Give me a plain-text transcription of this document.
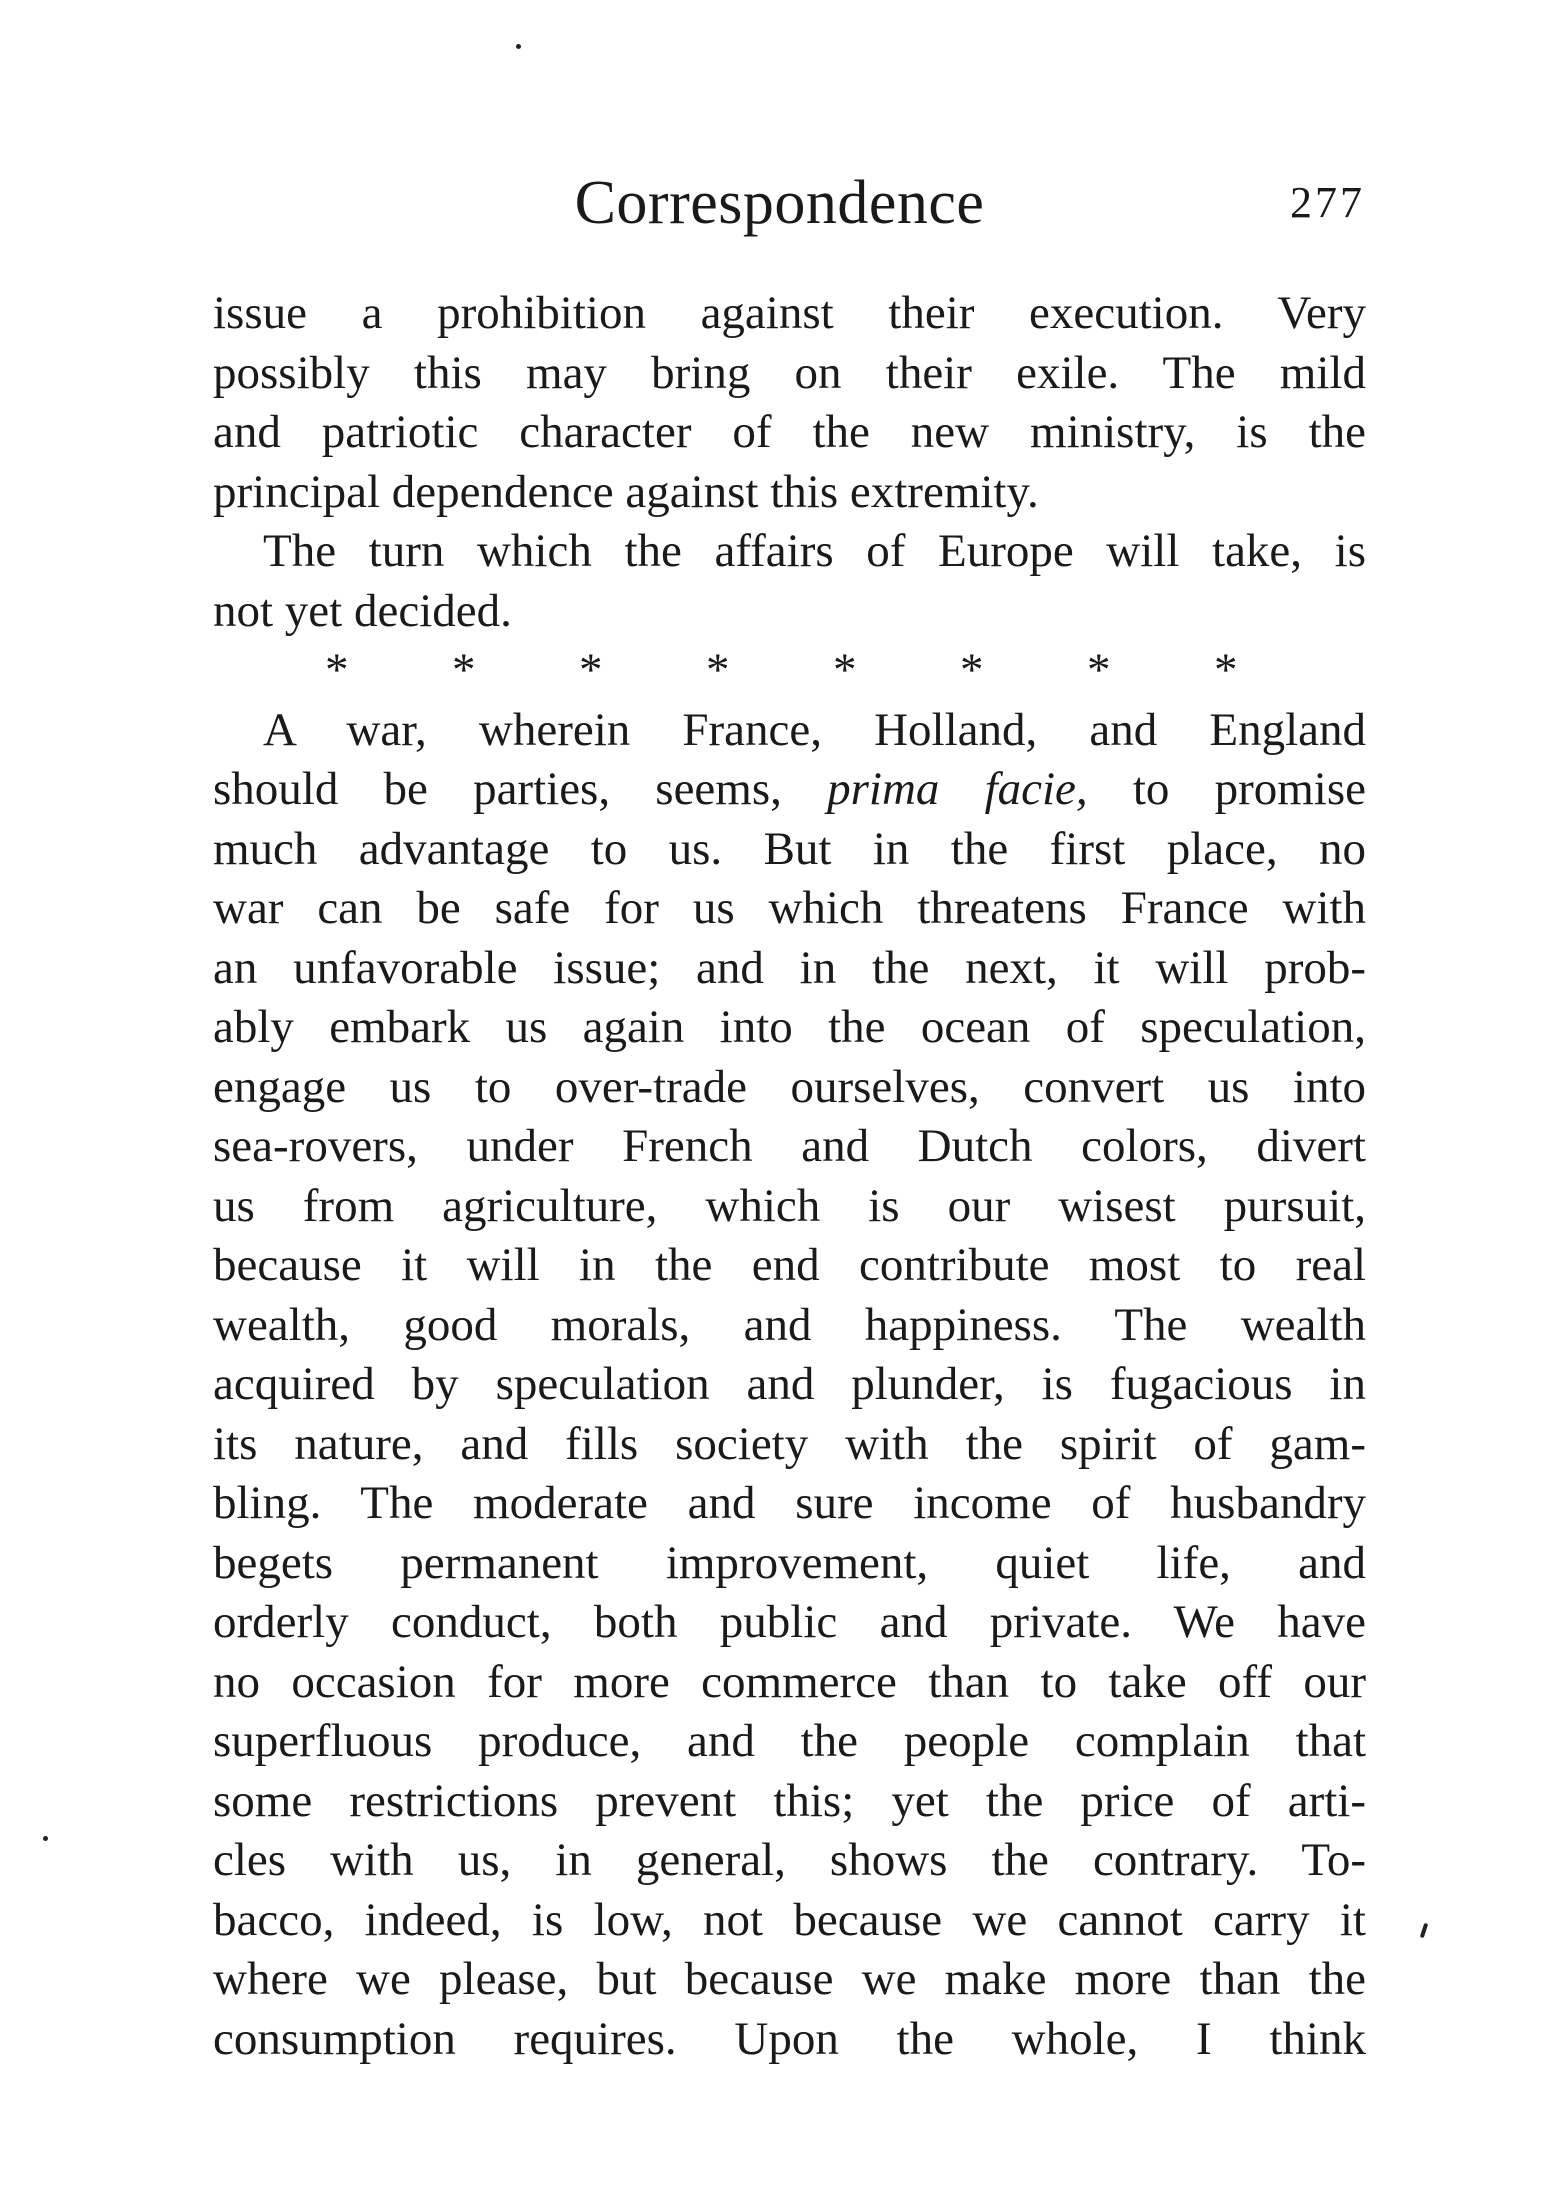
Correspondence	277
issue a prohibition against their execution. Very
possibly this may bring on their exile. The mild
and patriotic character of the new ministry, is the
principal dependence against this extremity.
The turn which the affairs of Europe will take, is
not yet decided.
* * * * * * * *
A war, wherein France, Holland, and England
should be parties, seems, prima facie, to promise
much advantage to us. But in the first place, no
war can be safe for us which threatens France with
an unfavorable issue; and in the next, it will prob-
ably embark us again into the ocean of speculation,
engage us to over-trade ourselves, convert us into
sea-rovers, under French and Dutch colors, divert
us from agriculture, which is our wisest pursuit,
because it will in the end contribute most to real
wealth, good morals, and happiness. The wealth
acquired by speculation and plunder, is fugacious in
its nature, and fills society with the spirit of gam-
bling. The moderate and sure income of husbandry
begets permanent improvement, quiet life, and
orderly conduct, both public and private. We have
no occasion for more commerce than to take off our
superfluous produce, and the people complain that
some restrictions prevent this; yet the price of arti-
cles with us, in general, shows the contrary. To-
bacco, indeed, is low, not because we cannot carry it
where we please, but because we make more than the
consumption requires. Upon the whole, I think
